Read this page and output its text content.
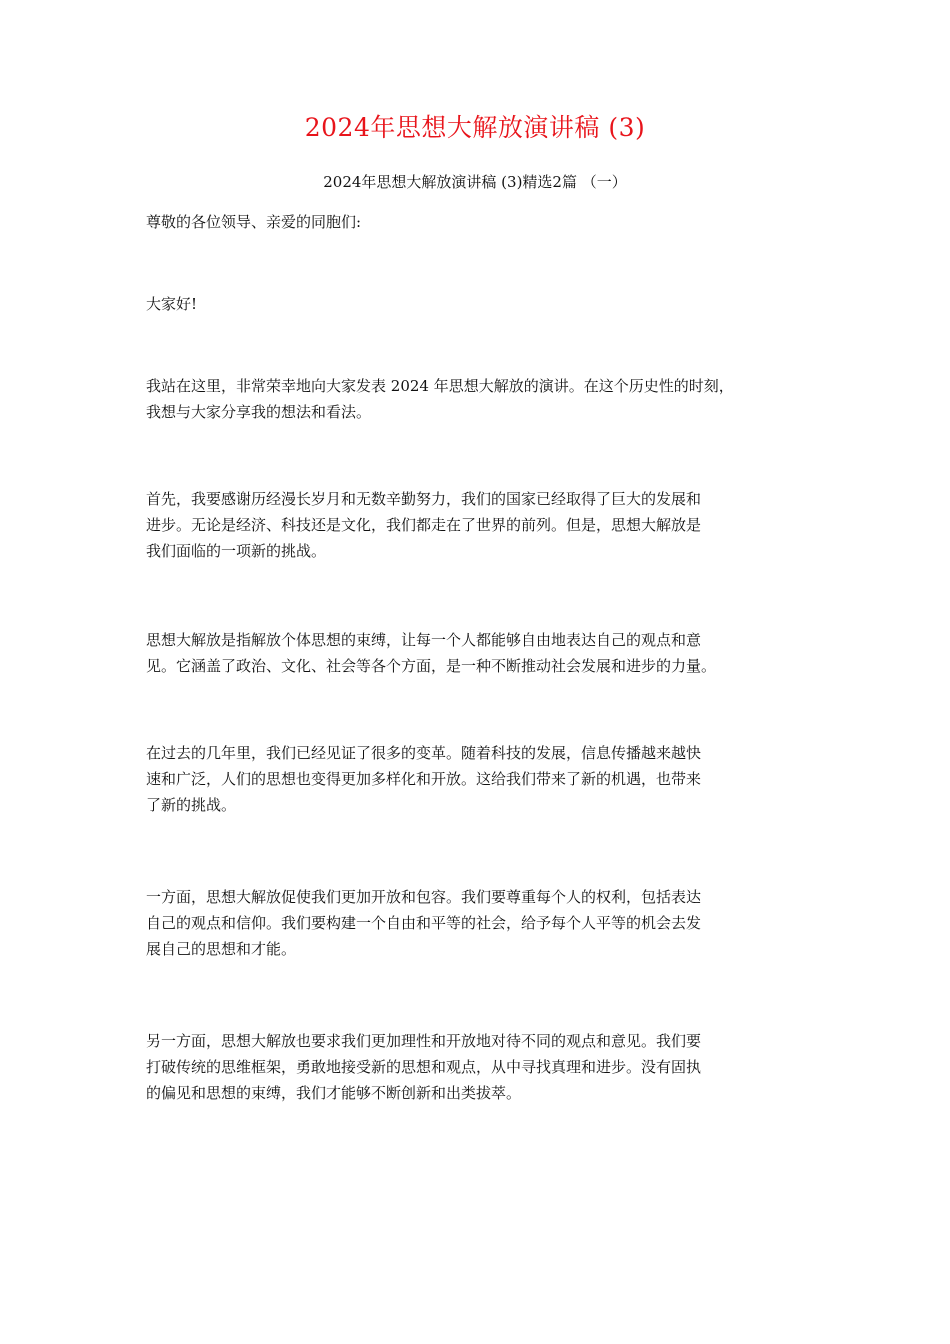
2024年思想大解放演讲稿 (3)
2024年思想大解放演讲稿 (3)精选2篇 （一）
尊敬的各位领导、亲爱的同胞们:
大家好!
我站在这里，非常荣幸地向大家发表 2024 年思想大解放的演讲。在这个历史性的时刻，
我想与大家分享我的想法和看法。
首先，我要感谢历经漫长岁月和无数辛勤努力，我们的国家已经取得了巨大的发展和
进步。无论是经济、科技还是文化，我们都走在了世界的前列。但是，思想大解放是
我们面临的一项新的挑战。
思想大解放是指解放个体思想的束缚，让每一个人都能够自由地表达自己的观点和意
见。它涵盖了政治、文化、社会等各个方面，是一种不断推动社会发展和进步的力量。
在过去的几年里，我们已经见证了很多的变革。随着科技的发展，信息传播越来越快
速和广泛，人们的思想也变得更加多样化和开放。这给我们带来了新的机遇，也带来
了新的挑战。
一方面，思想大解放促使我们更加开放和包容。我们要尊重每个人的权利，包括表达
自己的观点和信仰。我们要构建一个自由和平等的社会，给予每个人平等的机会去发
展自己的思想和才能。
另一方面，思想大解放也要求我们更加理性和开放地对待不同的观点和意见。我们要
打破传统的思维框架，勇敢地接受新的思想和观点，从中寻找真理和进步。没有固执
的偏见和思想的束缚，我们才能够不断创新和出类拔萃。
